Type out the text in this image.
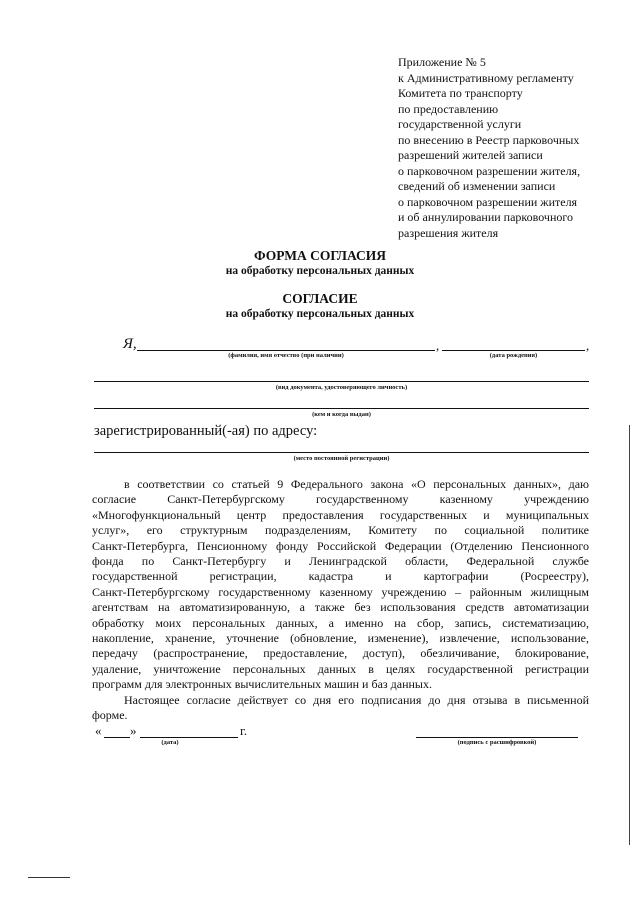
Приложение № 5
к Административному регламенту
Комитета по транспорту
по предоставлению
государственной услуги
по внесению в Реестр парковочных
разрешений жителей записи
о парковочном разрешении жителя,
сведений об изменении записи
о парковочном разрешении жителя
и об аннулировании парковочного
разрешения жителя
ФОРМА СОГЛАСИЯ
на обработку персональных данных
СОГЛАСИЕ
на обработку персональных данных
Я,	,	,
(фамилия, имя отчество (при наличии)	(дата рождения)
(вид документа, удостоверяющего личность)
(кем и когда выдан)
зарегистрированный(-ая) по адресу:
(место постоянной регистрации)

в соответствии со статьей 9 Федерального закона «О персональных данных», даю

согласие Санкт-Петербургскому государственному казенному учреждению
«Многофункциональный центр предоставления государственных и муниципальных
услуг», его структурным подразделениям, Комитету по социальной политике
Санкт-Петербурга, Пенсионному фонду Российской Федерации (Отделению Пенсионного
фонда по Санкт-Петербургу и Ленинградской области, Федеральной службе
государственной регистрации, кадастра и картографии (Росреестру),
Санкт-Петербургскому государственному казенному учреждению – районным жилищным
агентствам на автоматизированную, а также без использования средств автоматизации
обработку моих персональных данных, а именно на сбор, запись, систематизацию,
накопление, хранение, уточнение (обновление, изменение), извлечение, использование,
передачу (распространение, предоставление, доступ), обезличивание, блокирование,
удаление, уничтожение персональных данных в целях государственной регистрации
программ для электронных вычислительных машин и баз данных.

Настоящее согласие действует со дня его подписания до дня отзыва в письменной

форме.
« »	г.
(дата)	(подпись с расшифровкой)
